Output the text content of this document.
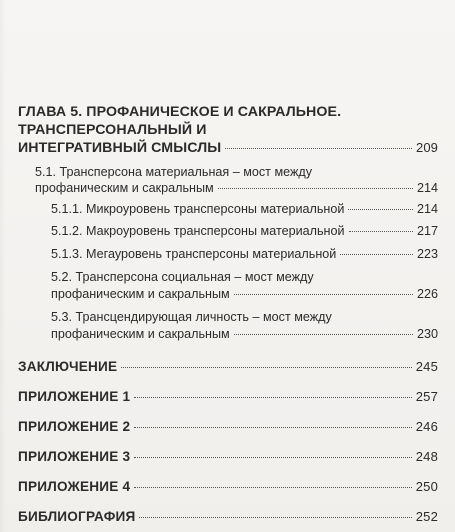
ГЛАВА 5. ПРОФАНИЧЕСКОЕ И САКРАЛЬНОЕ.
ТРАНСПЕРСОНАЛЬНЫЙ И
ИНТЕГРАТИВНЫЙ СМЫСЛЫ	209
5.1. Трансперсона материальная – мост между
профаническим и сакральным	214
5.1.1. Микроуровень трансперсоны материальной	214
5.1.2. Макроуровень трансперсоны материальной	217
5.1.3. Мегауровень трансперсоны материальной	223
5.2. Трансперсона социальная – мост между
профаническим и сакральным	226
5.3. Трансцендирующая личность – мост между
профаническим и сакральным	230
ЗАКЛЮЧЕНИЕ	245
ПРИЛОЖЕНИЕ 1	257
ПРИЛОЖЕНИЕ 2	246
ПРИЛОЖЕНИЕ 3	248
ПРИЛОЖЕНИЕ 4	250
БИБЛИОГРАФИЯ	252
